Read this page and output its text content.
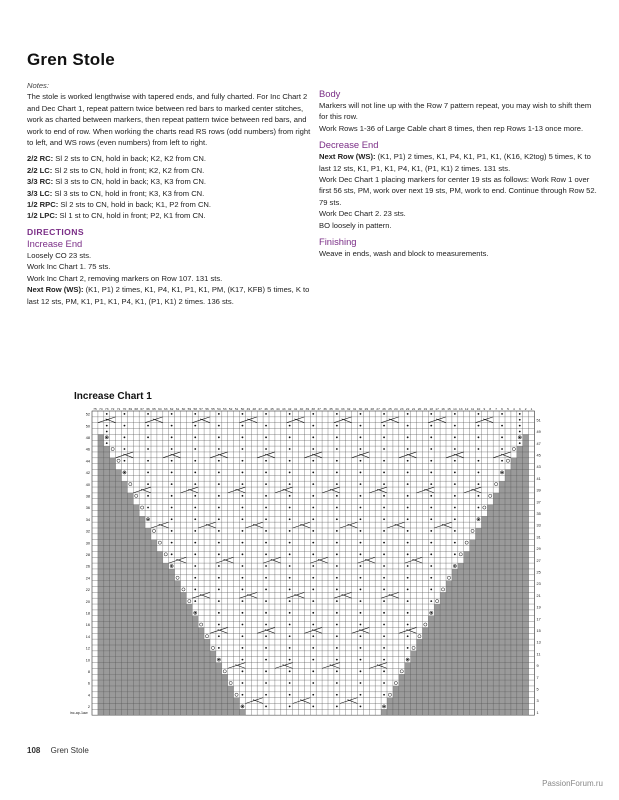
Gren Stole
Notes:

The stole is worked lengthwise with tapered ends, and fully charted. For Inc Chart 2 and Dec Chart 1, repeat pattern twice between red bars to marked center stitches, work as charted between markers, then repeat pattern twice between red bars, and work to end of row. When working the charts read RS rows (odd numbers) from right to left, and WS rows (even numbers) from left to right.

2/2 RC: Sl 2 sts to CN, hold in back; K2, K2 from CN.
2/2 LC: Sl 2 sts to CN, hold in front; K2, K2 from CN.
3/3 RC: Sl 3 sts to CN, hold in back; K3, K3 from CN.
3/3 LC: Sl 3 sts to CN, hold in front; K3, K3 from CN.
1/2 RPC: Sl 2 sts to CN, hold in back; K1, P2 from CN.
1/2 LPC: Sl 1 st to CN, hold in front; P2, K1 from CN.
DIRECTIONS
Increase End
Loosely CO 23 sts.
Work Inc Chart 1. 75 sts.
Work Inc Chart 2, removing markers on Row 107. 131 sts.
Next Row (WS): (K1, P1) 2 times, K1, P4, K1, P1, K1, PM, (K17, KFB) 5 times, K to last 12 sts, PM, K1, P1, K1, P4, K1, (P1, K1) 2 times. 136 sts.
Body
Markers will not line up with the Row 7 pattern repeat, you may wish to shift them for this row.
Work Rows 1-36 of Large Cable chart 8 times, then rep Rows 1-13 once more.
Decrease End
Next Row (WS): (K1, P1) 2 times, K1, P4, K1, P1, K1, (K16, K2tog) 5 times, K to last 12 sts, K1, P1, K1, P4, K1, (P1, K1) 2 times. 131 sts.
Work Dec Chart 1 placing markers for center 19 sts as follows: Work Row 1 over first 56 sts, PM, work over next 19 sts, PM, work to end. Continue through Row 52. 79 sts.
Work Dec Chart 2. 23 sts.
BO loosely in pattern.
Finishing
Weave in ends, wash and block to measurements.
Increase Chart 1
52
51
50
49
48
47
46
45
44
43
42
41
40
39
38
37
36
35
34
33
32
31
30
29
28
27
26
25
24
23
22
21
20
19
18
17
16
15
14
13
12
11
10
9
8
7
6
5
4
3
2
1
75 74 73 72 71 70 69 68 67 66 65 64 63 62 61 60 59 58 57 56 55 54 53 52 51 50 49 48 47 46 45 44 43 42 41 40 39 38 37 36 35 34 33 32 31 30 29 28 27 26 25 24 23 22 21 20 19 18 17 16 15 14 13 12 11 10 9 8 7 6 5 4 3 2 1
inc-ap-1aw
108 Gren Stole
PassionForum.ru
